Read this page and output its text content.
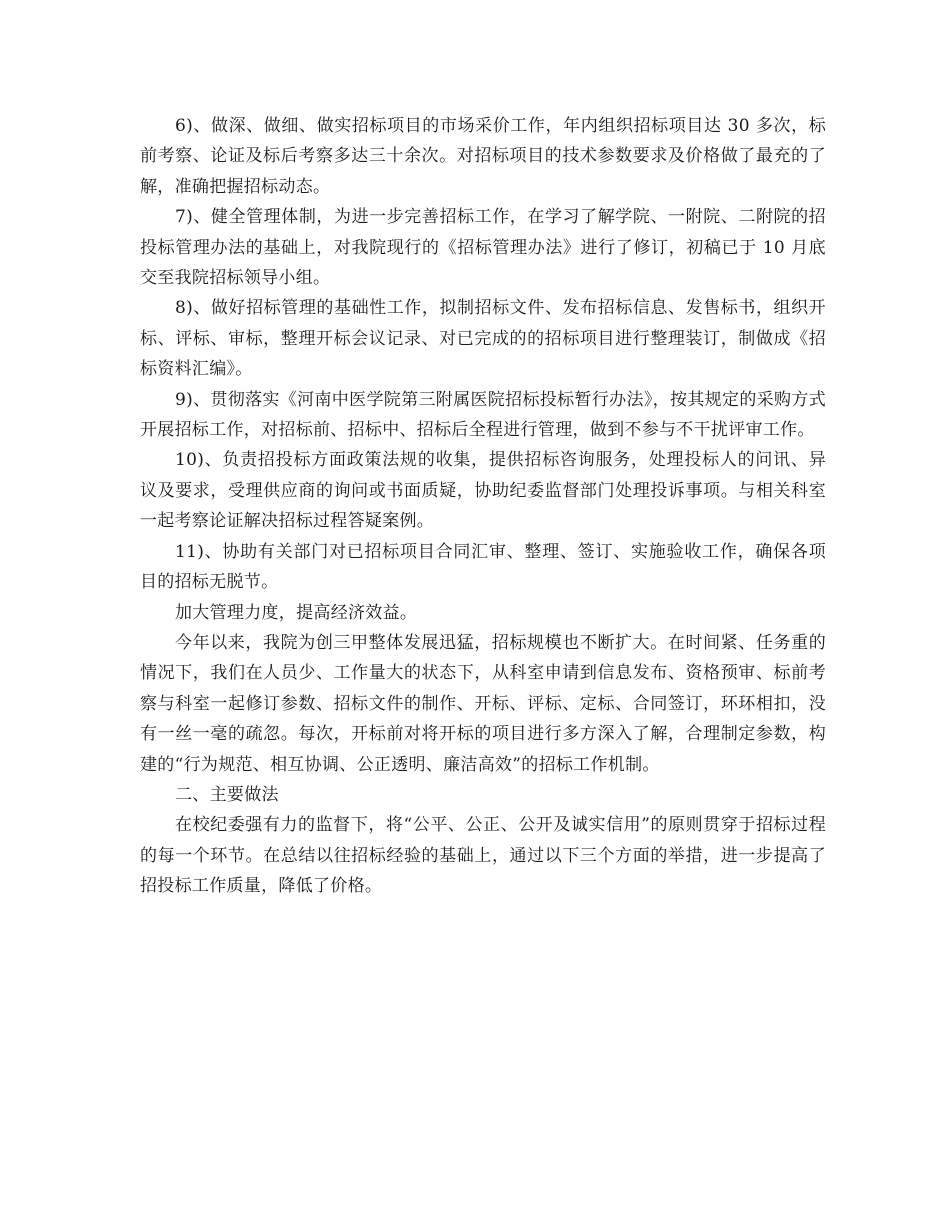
6)、做深、做细、做实招标项目的市场采价工作，年内组织招标项目达 30 多次，标前考察、论证及标后考察多达三十余次。对招标项目的技术参数要求及价格做了最充的了解，准确把握招标动态。

7)、健全管理体制，为进一步完善招标工作，在学习了解学院、一附院、二附院的招投标管理办法的基础上，对我院现行的《招标管理办法》进行了修订，初稿已于 10 月底交至我院招标领导小组。

8)、做好招标管理的基础性工作，拟制招标文件、发布招标信息、发售标书，组织开标、评标、审标，整理开标会议记录、对已完成的的招标项目进行整理装订，制做成《招标资料汇编》。

9)、贯彻落实《河南中医学院第三附属医院招标投标暂行办法》，按其规定的采购方式开展招标工作，对招标前、招标中、招标后全程进行管理，做到不参与不干扰评审工作。

10)、负责招投标方面政策法规的收集，提供招标咨询服务，处理投标人的问讯、异议及要求，受理供应商的询问或书面质疑，协助纪委监督部门处理投诉事项。与相关科室一起考察论证解决招标过程答疑案例。

11)、协助有关部门对已招标项目合同汇审、整理、签订、实施验收工作，确保各项目的招标无脱节。

加大管理力度，提高经济效益。

今年以来，我院为创三甲整体发展迅猛，招标规模也不断扩大。在时间紧、任务重的情况下，我们在人员少、工作量大的状态下，从科室申请到信息发布、资格预审、标前考察与科室一起修订参数、招标文件的制作、开标、评标、定标、合同签订，环环相扣，没有一丝一毫的疏忽。每次，开标前对将开标的项目进行多方深入了解，合理制定参数，构建的“行为规范、相互协调、公正透明、廉洁高效”的招标工作机制。

二、主要做法

在校纪委强有力的监督下，将“公平、公正、公开及诚实信用”的原则贯穿于招标过程的每一个环节。在总结以往招标经验的基础上，通过以下三个方面的举措，进一步提高了招投标工作质量，降低了价格。
